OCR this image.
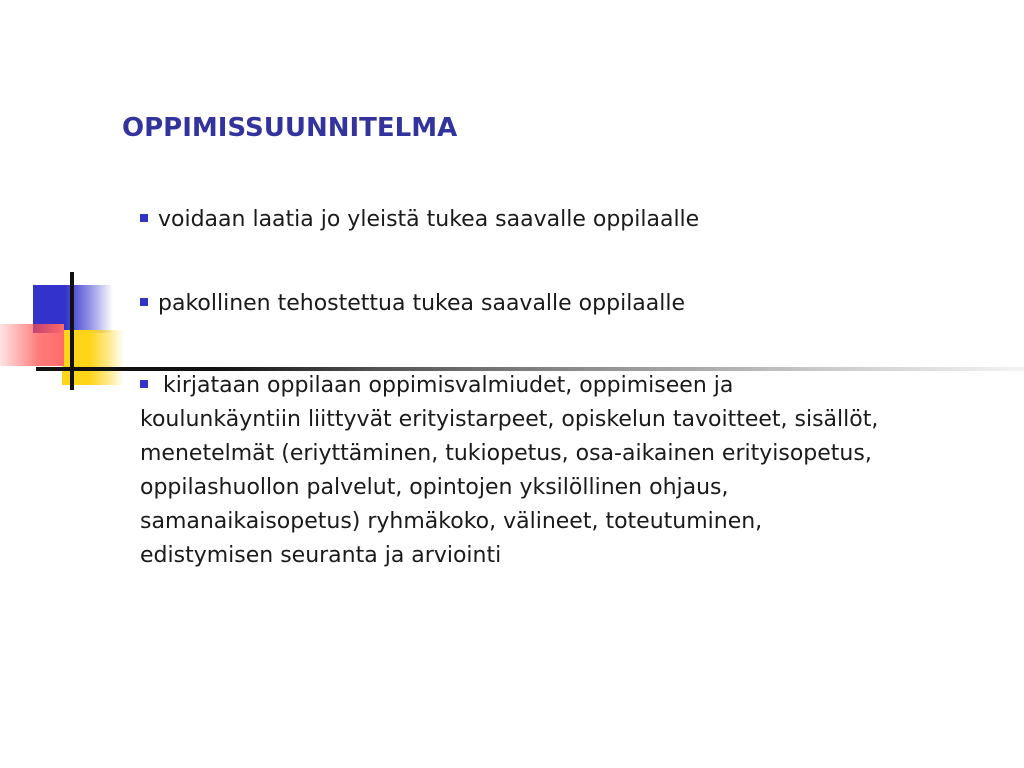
OPPIMISSUUNNITELMA
voidaan laatia jo yleistä tukea saavalle oppilaalle
pakollinen tehostettua tukea saavalle oppilaalle
kirjataan oppilaan oppimisvalmiudet, oppimiseen ja koulunkäyntiin liittyvät erityistarpeet, opiskelun tavoitteet, sisällöt, menetelmät (eriyttäminen, tukiopetus, osa-aikainen erityisopetus, oppilashuollon palvelut, opintojen yksilöllinen ohjaus, samanaikaisopetus) ryhmäkoko, välineet, toteutuminen, edistymisen seuranta ja arviointi
